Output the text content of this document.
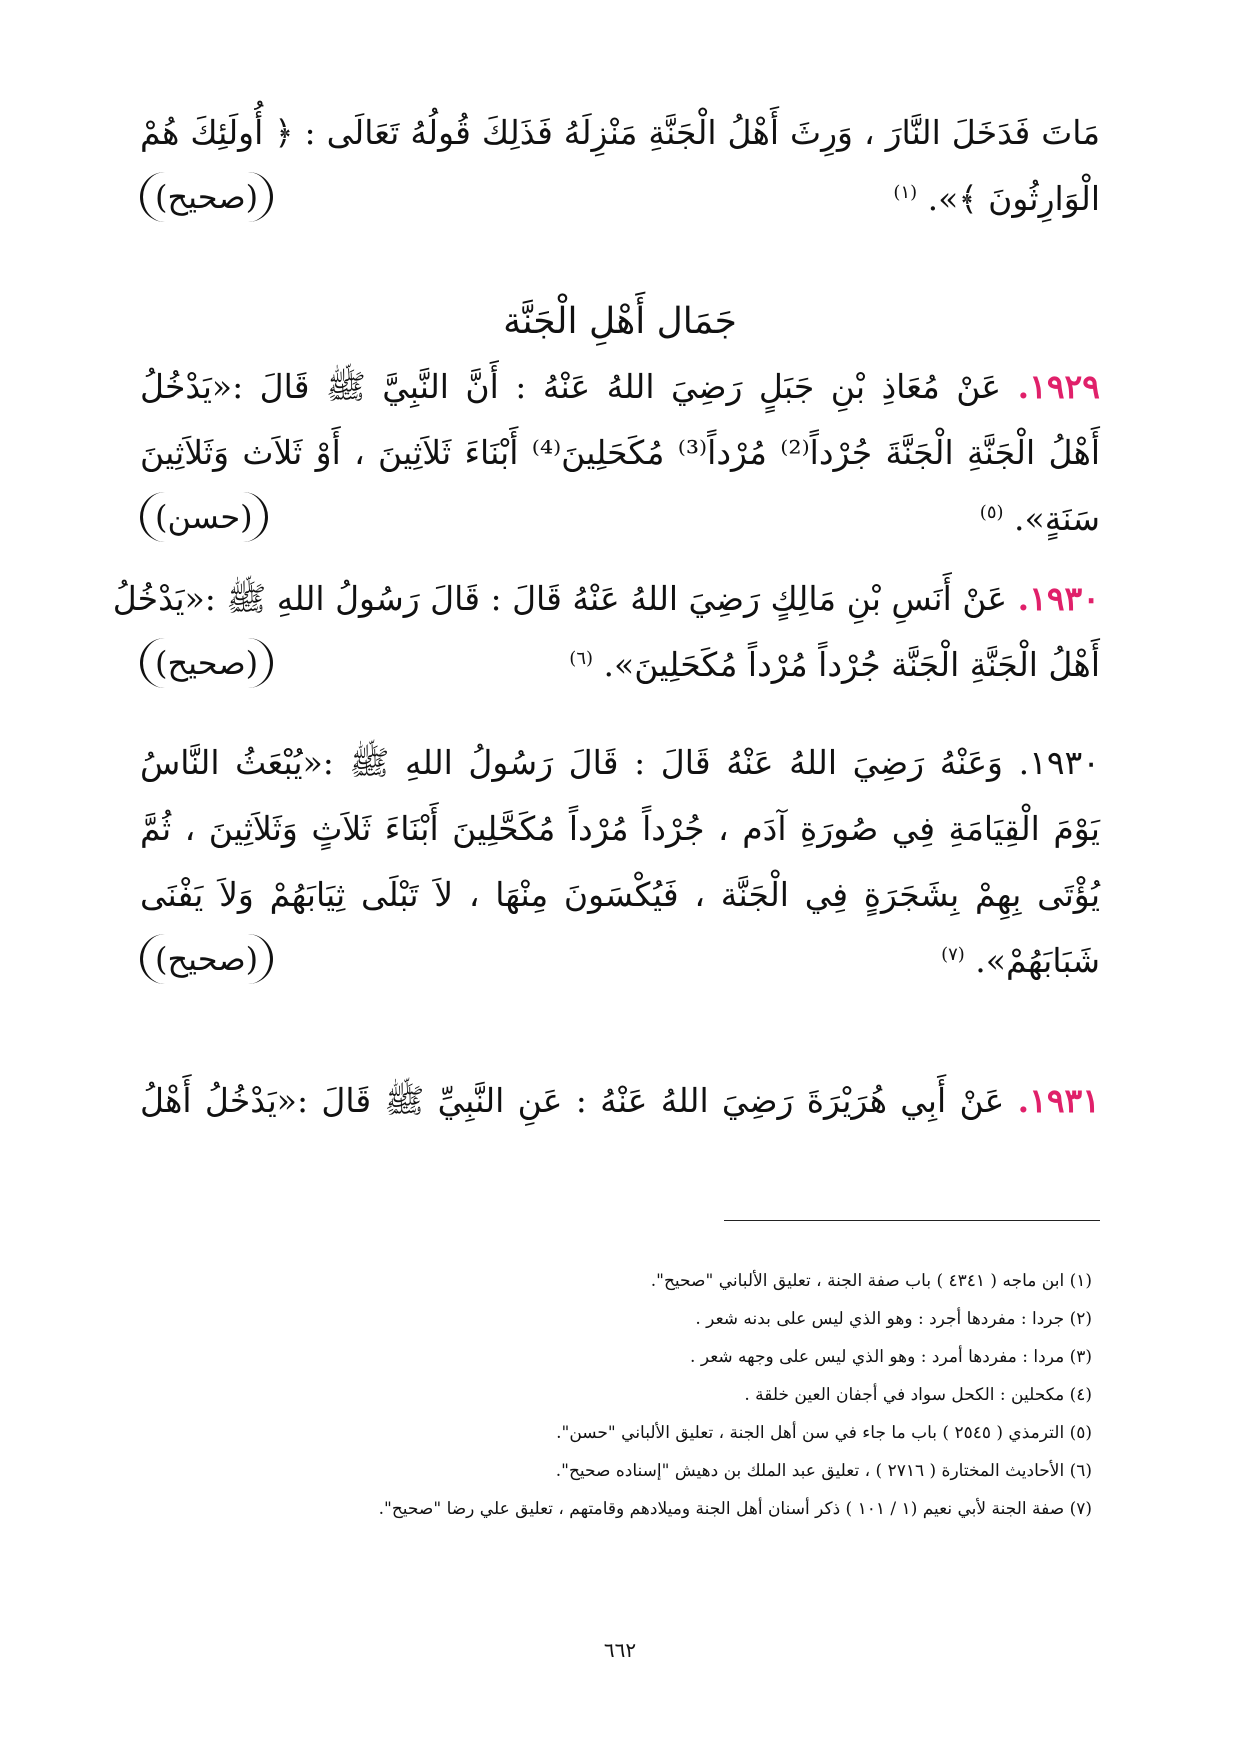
مَاتَ فَدَخَلَ النَّارَ ، وَرِثَ أَهْلُ الْجَنَّةِ مَنْزِلَهُ فَذَلِكَ قُولُهُ تَعَالَى : ﴿ أُولَئِكَ هُمْ
الْوَارِثُونَ ﴾». $^{(١)}$
(صحيح)
جَمَال أَهْلِ الْجَنَّة
١٩٢٩. عَنْ مُعَاذِ بْنِ جَبَلٍ رَضِيَ اللهُ عَنْهُ : أَنَّ النَّبِيَّ ﷺ قَالَ :«يَدْخُلُ
أَهْلُ الْجَنَّةِ الْجَنَّةَ جُرْداً⁽²⁾ مُرْداً⁽³⁾ مُكَحَلِينَ⁽⁴⁾ أَبْنَاءَ ثَلاَثِينَ ، أَوْ ثَلاَث وَثَلاَثِينَ
سَنَةٍ». $^{(٥)}$
(حسن)
١٩٣٠. عَنْ أَنَسِ بْنِ مَالِكٍ رَضِيَ اللهُ عَنْهُ قَالَ : قَالَ رَسُولُ اللهِ ﷺ :«يَدْخُلُ
أَهْلُ الْجَنَّةِ الْجَنَّة جُرْداً مُرْداً مُكَحَلِينَ». $^{(٦)}$
(صحيح)
١٩٣٠. وَعَنْهُ رَضِيَ اللهُ عَنْهُ قَالَ : قَالَ رَسُولُ اللهِ ﷺ :«يُبْعَثُ النَّاسُ
يَوْمَ الْقِيَامَةِ فِي صُورَةِ آدَم ، جُرْداً مُرْداً مُكَحَّلِينَ أَبْنَاءَ ثَلاَثٍ وَثَلاَثِينَ ، ثُمَّ
يُؤْتَى بِهِمْ بِشَجَرَةٍ فِي الْجَنَّة ، فَيُكْسَونَ مِنْهَا ، لاَ تَبْلَى ثِيَابَهُمْ وَلاَ يَفْنَى
شَبَابَهُمْ». $^{(٧)}$
(صحيح)
١٩٣١. عَنْ أَبِي هُرَيْرَةَ رَضِيَ اللهُ عَنْهُ : عَنِ النَّبِيِّ ﷺ قَالَ :«يَدْخُلُ أَهْلُ
(١) ابن ماجه ( ٤٣٤١ ) باب صفة الجنة ، تعليق الألباني "صحيح".
(٢) جردا : مفردها أجرد : وهو الذي ليس على بدنه شعر .
(٣) مردا : مفردها أمرد : وهو الذي ليس على وجهه شعر .
(٤) مكحلين : الكحل سواد في أجفان العين خلقة .
(٥) الترمذي ( ٢٥٤٥ ) باب ما جاء في سن أهل الجنة ، تعليق الألباني "حسن".
(٦) الأحاديث المختارة ( ٢٧١٦ ) ، تعليق عبد الملك بن دهيش "إسناده صحيح".
(٧) صفة الجنة لأبي نعيم (١ / ١٠١ ) ذكر أسنان أهل الجنة وميلادهم وقامتهم ، تعليق علي رضا "صحيح".
٦٦٢
